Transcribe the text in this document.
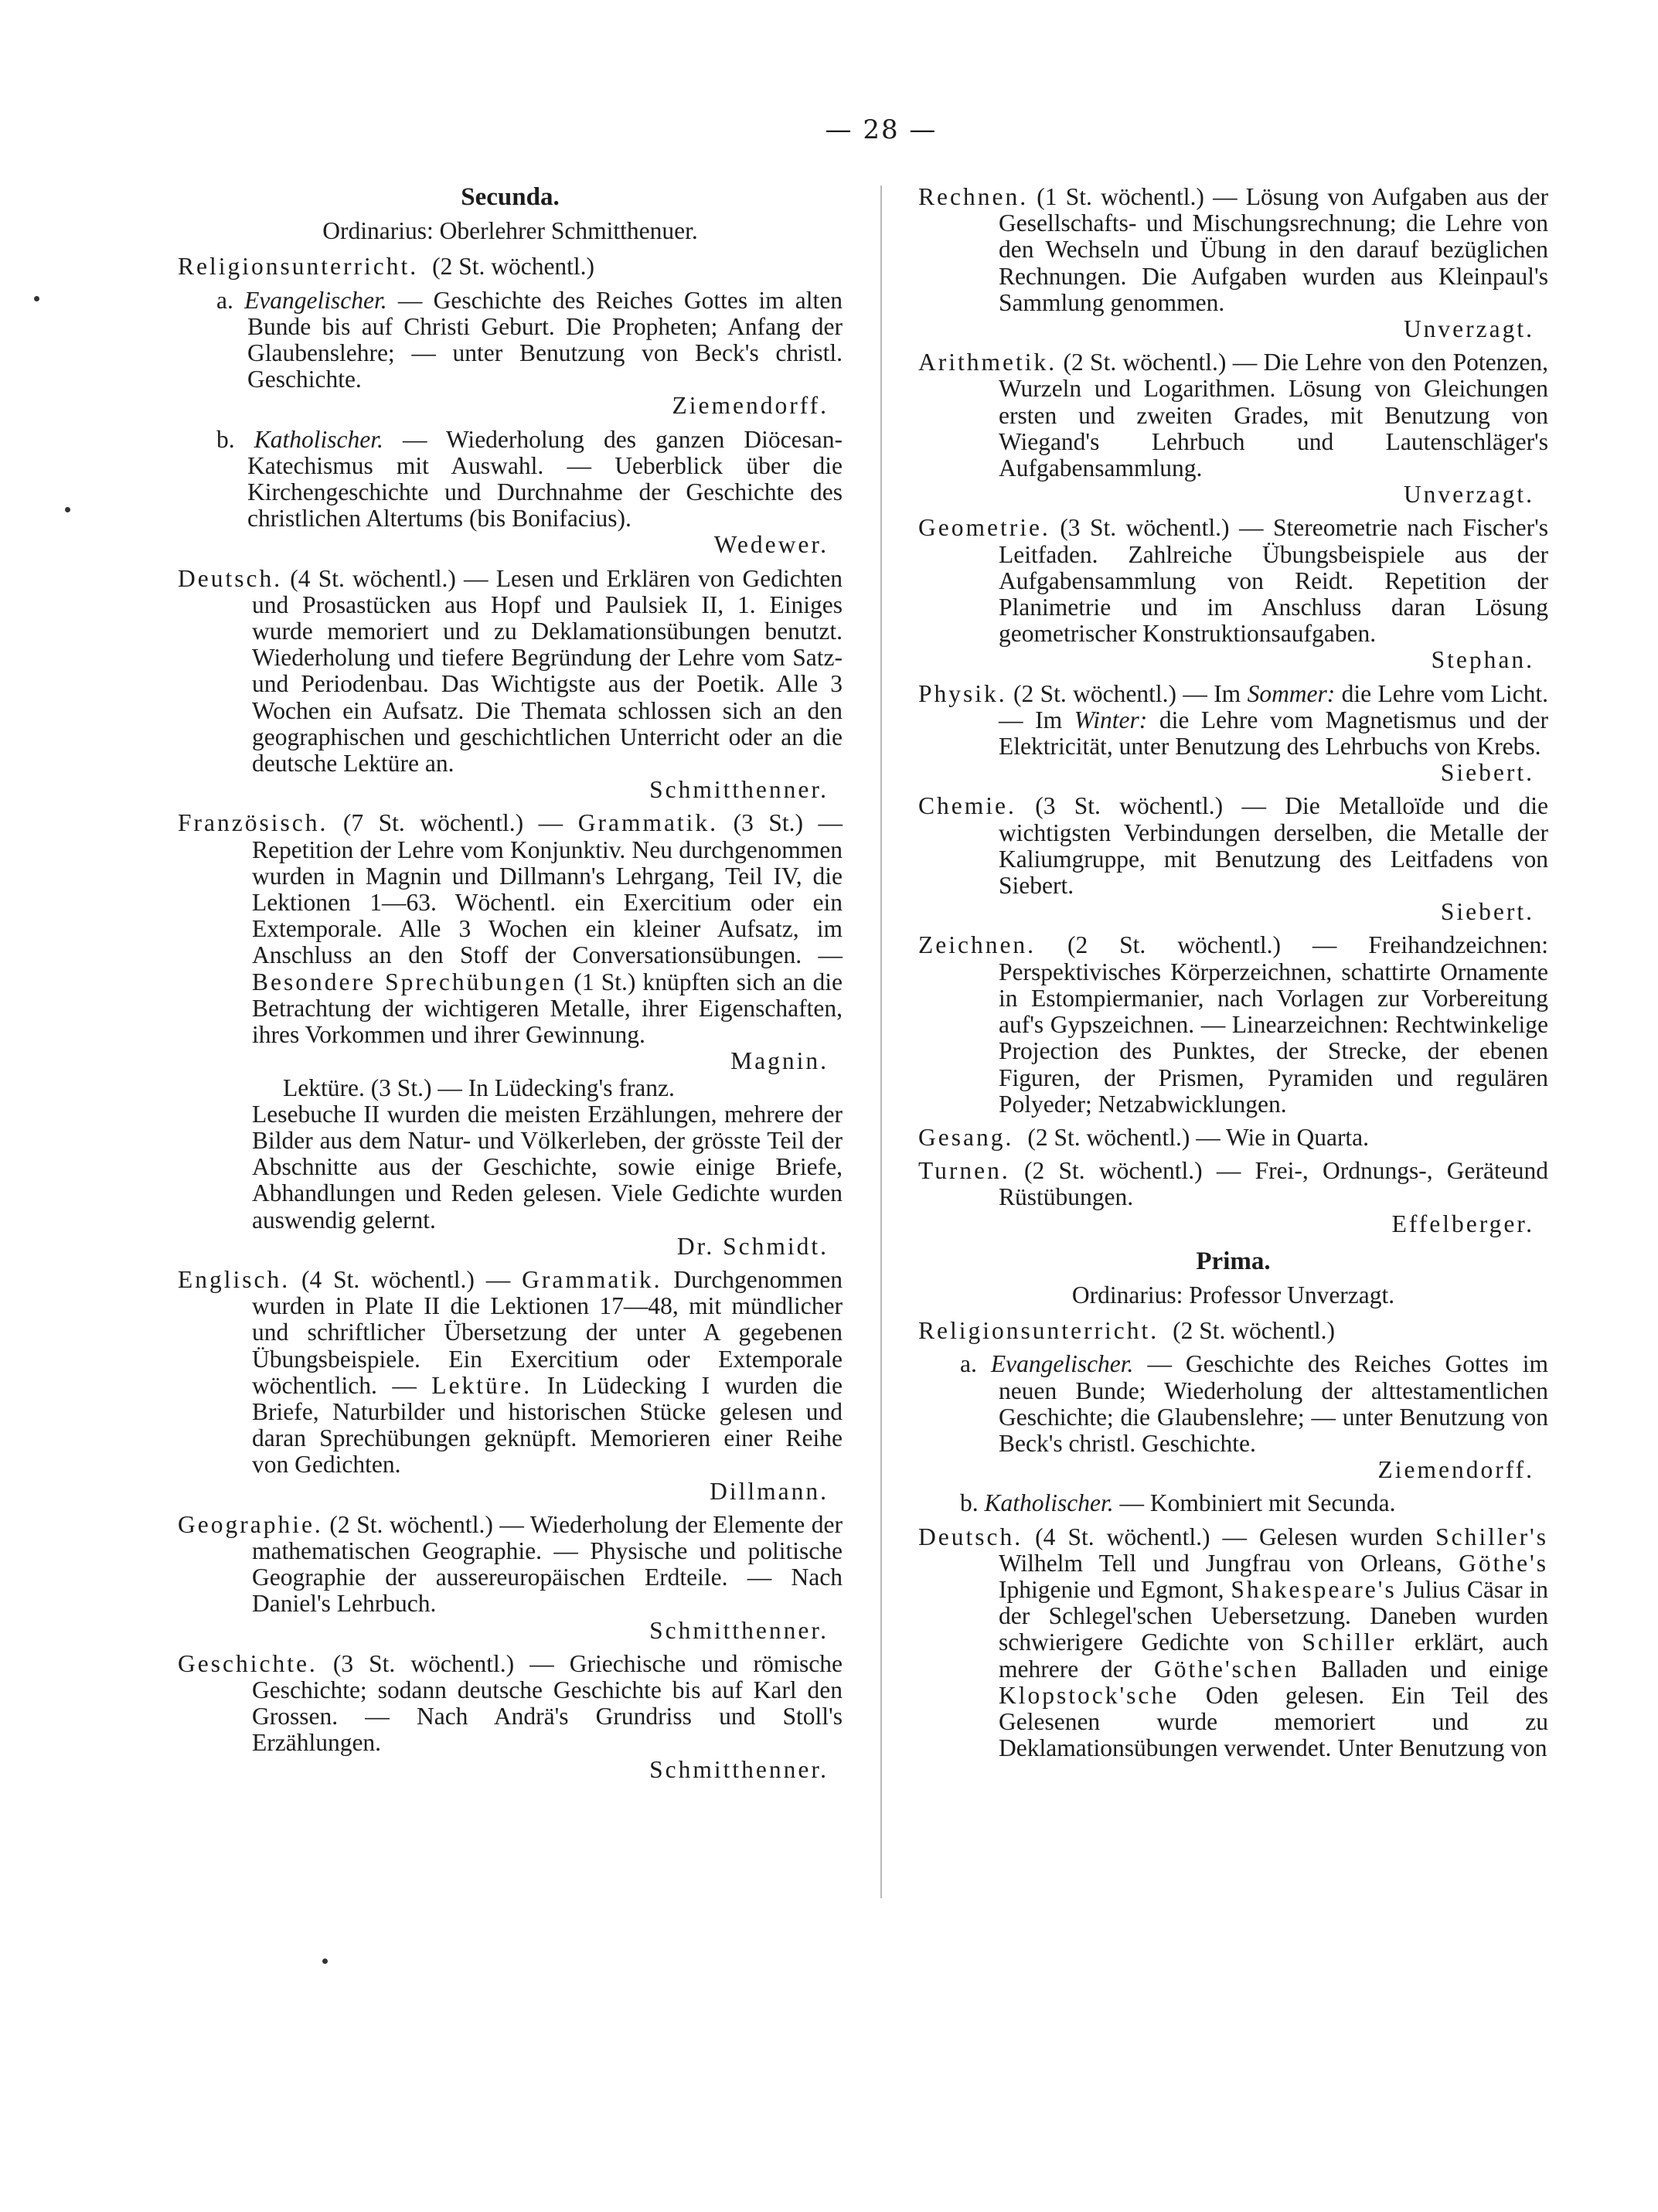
— 28 —
Secunda.
Ordinarius: Oberlehrer Schmitthenuer.
Religionsunterricht. (2 St. wöchentl.)
a. Evangelischer. — Geschichte des Reiches Gottes im alten Bunde bis auf Christi Geburt. Die Propheten; Anfang der Glaubenslehre; — unter Benutzung von Beck's christl. Geschichte.
Ziemendorff.
b. Katholischer. — Wiederholung des ganzen Diöcesan-Katechismus mit Auswahl. — Ueberblick über die Kirchengeschichte und Durchnahme der Geschichte des christlichen Altertums (bis Bonifacius).
Wedewer.
Deutsch. (4 St. wöchentl.) — Lesen und Erklären von Gedichten und Prosastücken aus Hopf und Paulsiek II, 1. Einiges wurde memoriert und zu Deklamationsübungen benutzt. Wiederholung und tiefere Begründung der Lehre vom Satz- und Periodenbau. Das Wichtigste aus der Poetik. Alle 3 Wochen ein Aufsatz. Die Themata schlossen sich an den geographischen und geschichtlichen Unterricht oder an die deutsche Lektüre an.
Schmitthenner.
Französisch. (7 St. wöchentl.) — Grammatik. (3 St.) — Repetition der Lehre vom Konjunktiv. Neu durchgenommen wurden in Magnin und Dillmann's Lehrgang, Teil IV, die Lektionen 1—63. Wöchentl. ein Exercitium oder ein Extemporale. Alle 3 Wochen ein kleiner Aufsatz, im Anschluss an den Stoff der Conversationsübungen. — Besondere Sprechübungen (1 St.) knüpften sich an die Betrachtung der wichtigeren Metalle, ihrer Eigenschaften, ihres Vorkommen und ihrer Gewinnung.
Magnin.
Lektüre. (3 St.) — In Lüdecking's franz.
Lesebuche II wurden die meisten Erzählungen, mehrere der Bilder aus dem Natur- und Völkerleben, der grösste Teil der Abschnitte aus der Geschichte, sowie einige Briefe, Abhandlungen und Reden gelesen. Viele Gedichte wurden auswendig gelernt.
Dr. Schmidt.
Englisch. (4 St. wöchentl.) — Grammatik. Durchgenommen wurden in Plate II die Lektionen 17—48, mit mündlicher und schriftlicher Übersetzung der unter A gegebenen Übungsbeispiele. Ein Exercitium oder Extemporale wöchentlich. — Lektüre. In Lüdecking I wurden die Briefe, Naturbilder und historischen Stücke gelesen und daran Sprechübungen geknüpft. Memorieren einer Reihe von Gedichten.
Dillmann.
Geographie. (2 St. wöchentl.) — Wiederholung der Elemente der mathematischen Geographie. — Physische und politische Geographie der aussereuropäischen Erdteile. — Nach Daniel's Lehrbuch.
Schmitthenner.
Geschichte. (3 St. wöchentl.) — Griechische und römische Geschichte; sodann deutsche Geschichte bis auf Karl den Grossen. — Nach Andrä's Grundriss und Stoll's Erzählungen.
Schmitthenner.
Rechnen. (1 St. wöchentl.) — Lösung von Aufgaben aus der Gesellschafts- und Mischungsrechnung; die Lehre von den Wechseln und Übung in den darauf bezüglichen Rechnungen. Die Aufgaben wurden aus Kleinpaul's Sammlung genommen.
Unverzagt.
Arithmetik. (2 St. wöchentl.) — Die Lehre von den Potenzen, Wurzeln und Logarithmen. Lösung von Gleichungen ersten und zweiten Grades, mit Benutzung von Wiegand's Lehrbuch und Lautenschläger's Aufgabensammlung.
Unverzagt.
Geometrie. (3 St. wöchentl.) — Stereometrie nach Fischer's Leitfaden. Zahlreiche Übungsbeispiele aus der Aufgabensammlung von Reidt. Repetition der Planimetrie und im Anschluss daran Lösung geometrischer Konstruktionsaufgaben.
Stephan.
Physik. (2 St. wöchentl.) — Im Sommer: die Lehre vom Licht. — Im Winter: die Lehre vom Magnetismus und der Elektricität, unter Benutzung des Lehrbuchs von Krebs.
Siebert.
Chemie. (3 St. wöchentl.) — Die Metalloïde und die wichtigsten Verbindungen derselben, die Metalle der Kaliumgruppe, mit Benutzung des Leitfadens von Siebert.
Siebert.
Zeichnen. (2 St. wöchentl.) — Freihandzeichnen: Perspektivisches Körperzeichnen, schattirte Ornamente in Estompiermanier, nach Vorlagen zur Vorbereitung auf's Gypszeichnen. — Linearzeichnen: Rechtwinkelige Projection des Punktes, der Strecke, der ebenen Figuren, der Prismen, Pyramiden und regulären Polyeder; Netzabwicklungen.
Gesang. (2 St. wöchentl.) — Wie in Quarta.
Turnen. (2 St. wöchentl.) — Frei-, Ordnungs-, Geräteund Rüstübungen.
Effelberger.
Prima.
Ordinarius: Professor Unverzagt.
Religionsunterricht. (2 St. wöchentl.)
a. Evangelischer. — Geschichte des Reiches Gottes im neuen Bunde; Wiederholung der alttestamentlichen Geschichte; die Glaubenslehre; — unter Benutzung von Beck's christl. Geschichte.
Ziemendorff.
b. Katholischer. — Kombiniert mit Secunda.
Deutsch. (4 St. wöchentl.) — Gelesen wurden Schiller's Wilhelm Tell und Jungfrau von Orleans, Göthe's Iphigenie und Egmont, Shakespeare's Julius Cäsar in der Schlegel'schen Uebersetzung. Daneben wurden schwierigere Gedichte von Schiller erklärt, auch mehrere der Göthe'schen Balladen und einige Klopstock'sche Oden gelesen. Ein Teil des Gelesenen wurde memoriert und zu Deklamationsübungen verwendet. Unter Benutzung von
